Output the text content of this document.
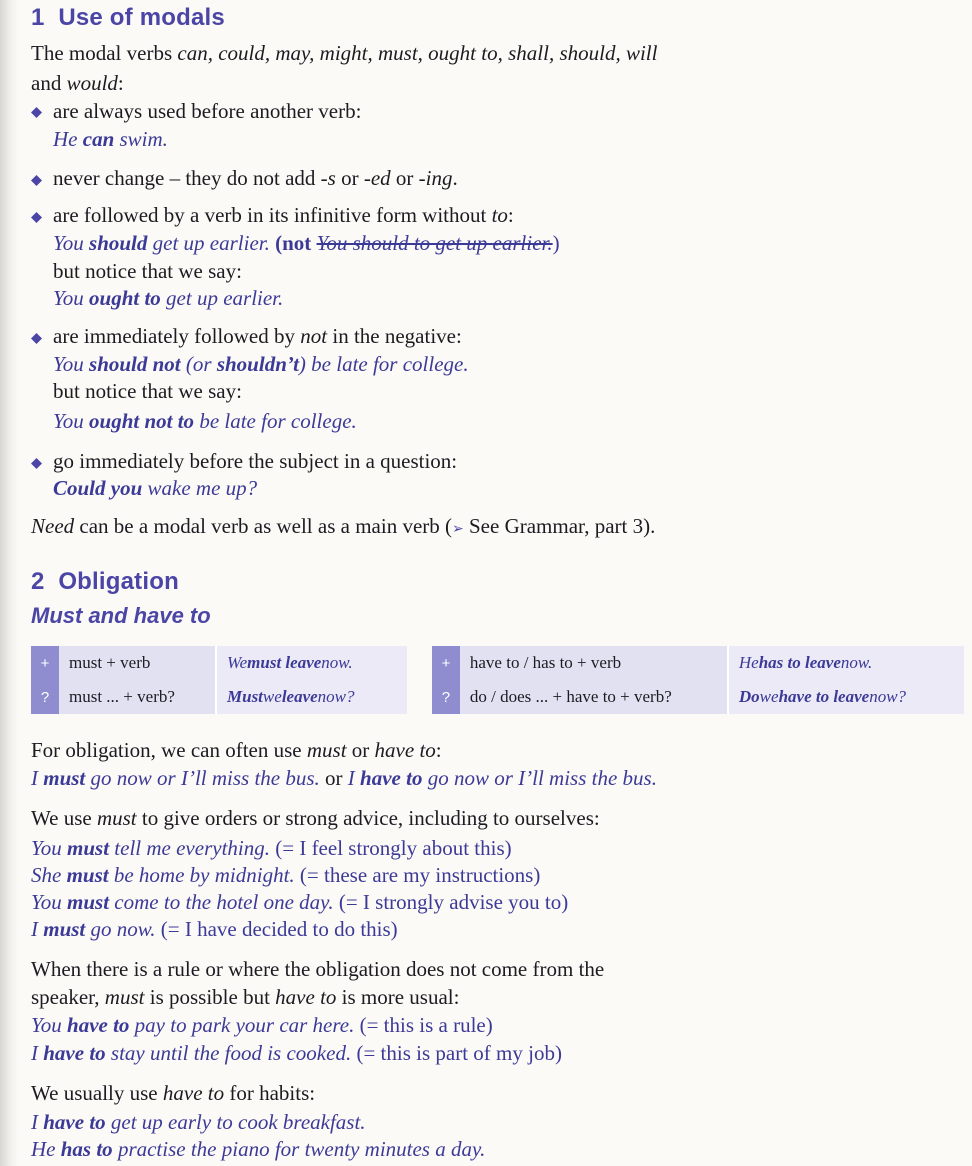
1 Use of modals
The modal verbs can, could, may, might, must, ought to, shall, should, will
and would:
are always used before another verb:
He can swim.
never change – they do not add -s or -ed or -ing.
are followed by a verb in its infinitive form without to:
You should get up earlier. (not You should to get up earlier.)
but notice that we say:
You ought to get up earlier.
are immediately followed by not in the negative:
You should not (or shouldn’t) be late for college.
but notice that we say:
You ought not to be late for college.
go immediately before the subject in a question:
Could you wake me up?
Need can be a modal verb as well as a main verb (➢ See Grammar, part 3).
2 Obligation
Must and have to
+
?
must + verb
must ... + verb?
We must leave now.
Must we leave now?
+
?
have to / has to + verb
do / does ... + have to + verb?
He has to leave now.
Do we have to leave now?
For obligation, we can often use must or have to:
I must go now or I’ll miss the bus. or I have to go now or I’ll miss the bus.
We use must to give orders or strong advice, including to ourselves:
You must tell me everything. (= I feel strongly about this)
She must be home by midnight. (= these are my instructions)
You must come to the hotel one day. (= I strongly advise you to)
I must go now. (= I have decided to do this)
When there is a rule or where the obligation does not come from the
speaker, must is possible but have to is more usual:
You have to pay to park your car here. (= this is a rule)
I have to stay until the food is cooked. (= this is part of my job)
We usually use have to for habits:
I have to get up early to cook breakfast.
He has to practise the piano for twenty minutes a day.
